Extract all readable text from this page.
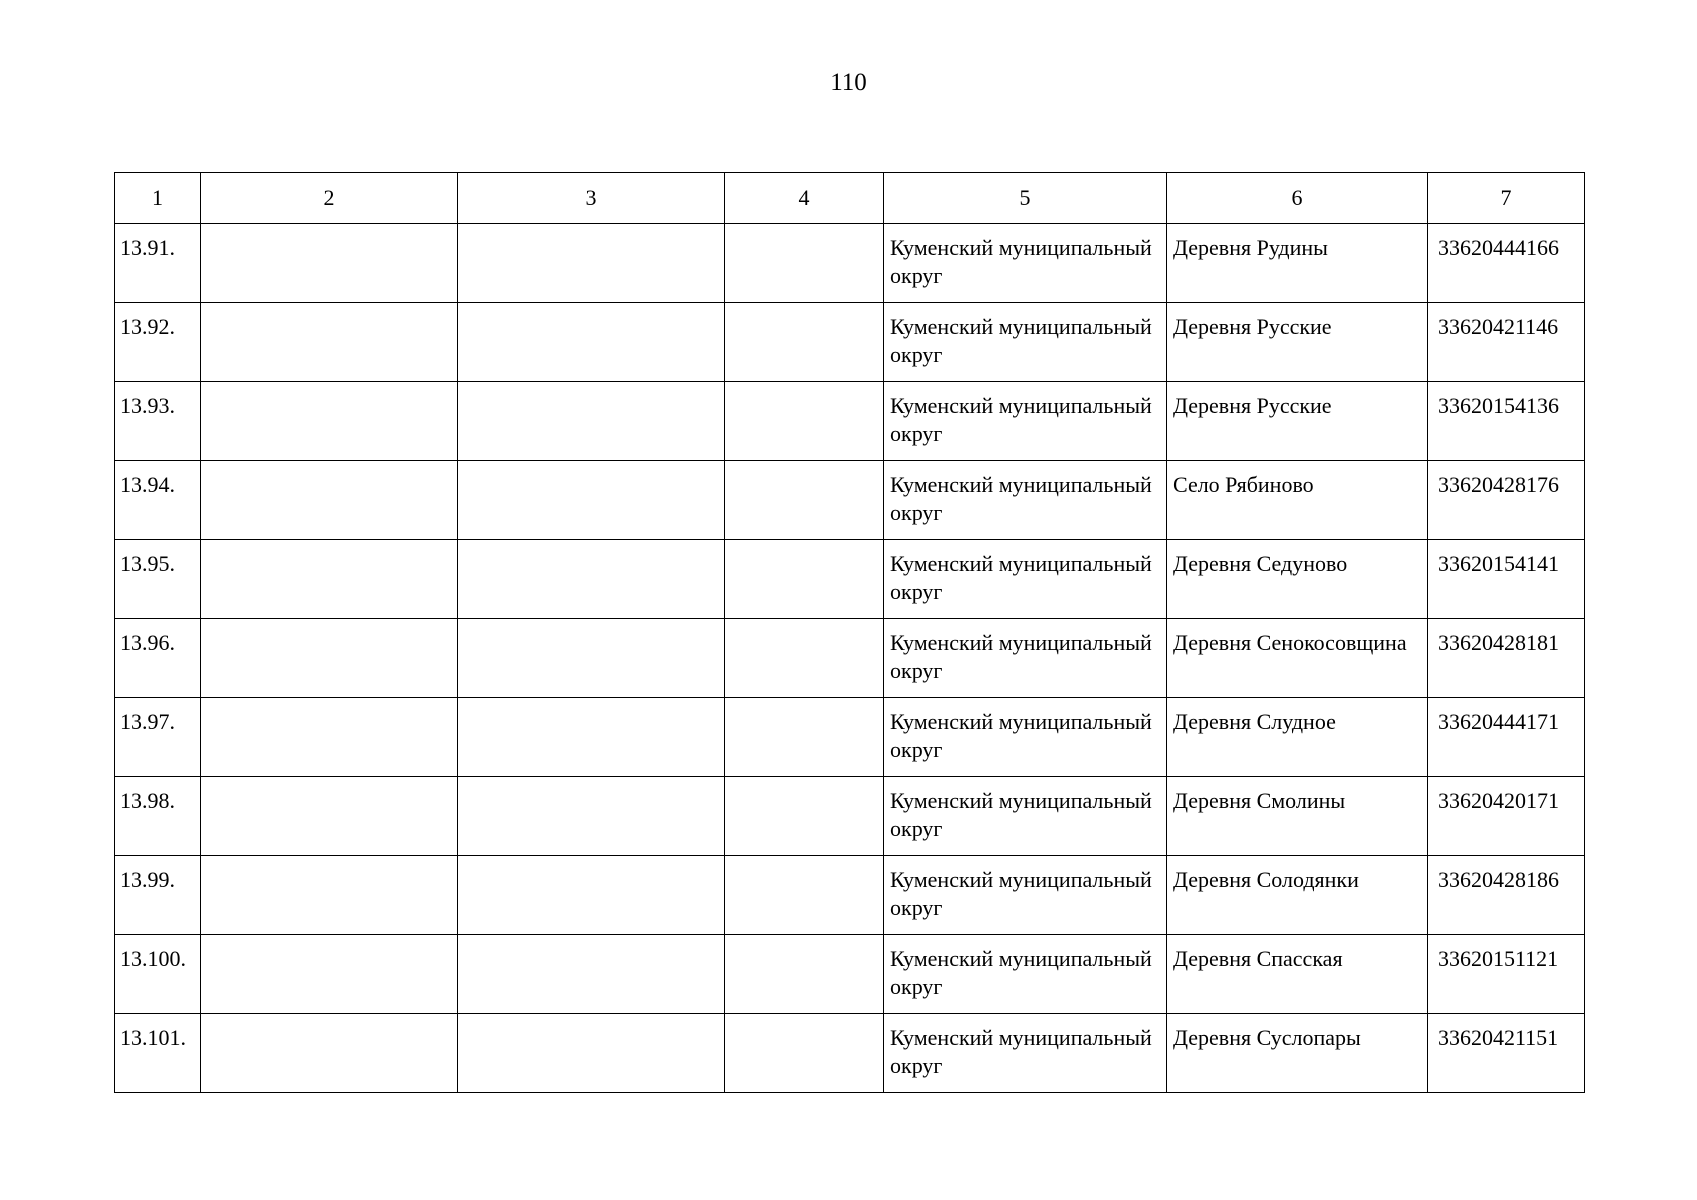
110
1	2	3	4	5	6	7

13.91.				Куменский муниципальный округ	Деревня Рудины	33620444166

13.92.				Куменский муниципальный округ	Деревня Русские	33620421146

13.93.				Куменский муниципальный округ	Деревня Русские	33620154136

13.94.				Куменский муниципальный округ	Село Рябиново	33620428176

13.95.				Куменский муниципальный округ	Деревня Седуново	33620154141

13.96.				Куменский муниципальный округ	Деревня Сенокосовщина	33620428181

13.97.				Куменский муниципальный округ	Деревня Слудное	33620444171

13.98.				Куменский муниципальный округ	Деревня Смолины	33620420171

13.99.				Куменский муниципальный округ	Деревня Солодянки	33620428186

13.100.				Куменский муниципальный округ	Деревня Спасская	33620151121

13.101.				Куменский муниципальный округ	Деревня Суслопары	33620421151
